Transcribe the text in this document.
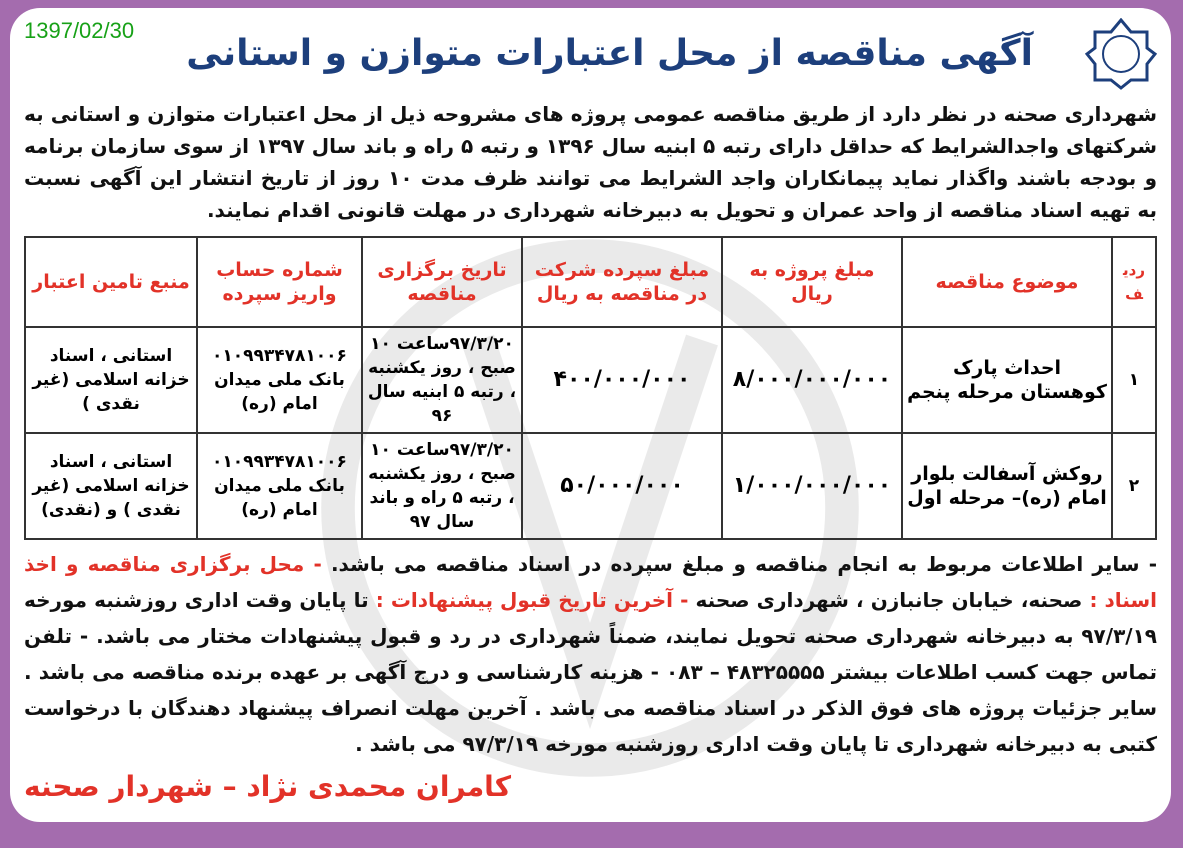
1397/02/30
آگهی مناقصه از محل اعتبارات متوازن و استانی
شهرداری صحنه در نظر دارد از طریق مناقصه عمومی پروژه های مشروحه ذیل از محل اعتبارات متوازن و استانی به شرکتهای واجدالشرایط که حداقل دارای رتبه ۵ ابنیه سال ۱۳۹۶ و رتبه ۵ راه و باند سال ۱۳۹۷ از سوی سازمان برنامه و بودجه باشند واگذار نماید پیمانکاران واجد الشرایط می توانند ظرف مدت ۱۰ روز از تاریخ انتشار این آگهی نسبت به تهیه اسناد مناقصه از واحد عمران و تحویل به دبیرخانه شهرداری در مهلت قانونی اقدام نمایند.
ردیف	موضوع مناقصه	مبلغ پروژه به ریال	مبلغ سپرده شرکت در مناقصه به ریال	تاریخ برگزاری مناقصه	شماره حساب واریز سپرده	منبع تامین اعتبار
۱	احداث پارک کوهستان مرحله پنجم	۸/۰۰۰/۰۰۰/۰۰۰	۴۰۰/۰۰۰/۰۰۰	۹۷/۳/۲۰ساعت ۱۰ صبح ، روز یکشنبه ، رتبه ۵ ابنیه سال ۹۶	۰۱۰۹۹۳۴۷۸۱۰۰۶ بانک ملی میدان امام (ره)	استانی ، اسناد خزانه اسلامی (غیر نقدی )
۲	روکش آسفالت بلوار امام (ره)– مرحله اول	۱/۰۰۰/۰۰۰/۰۰۰	۵۰/۰۰۰/۰۰۰	۹۷/۳/۲۰ساعت ۱۰ صبح ، روز یکشنبه ، رتبه ۵ راه و باند سال ۹۷	۰۱۰۹۹۳۴۷۸۱۰۰۶ بانک ملی میدان امام (ره)	استانی ، اسناد خزانه اسلامی (غیر نقدی ) و (نقدی)
- سایر اطلاعات مربوط به انجام مناقصه و مبلغ سپرده در اسناد مناقصه می باشد. - محل برگزاری مناقصه و اخذ اسناد : صحنه، خیابان جانبازن ، شهرداری صحنه - آخرین تاریخ قبول پیشنهادات : تا پایان وقت اداری روزشنبه مورخه ۹۷/۳/۱۹ به دبیرخانه شهرداری صحنه تحویل نمایند، ضمناً شهرداری در رد و قبول پیشنهادات مختار می باشد. - تلفن تماس جهت کسب اطلاعات بیشتر ۴۸۳۲۵۵۵۵ – ۰۸۳ - هزینه کارشناسی و درج آگهی بر عهده برنده مناقصه می باشد . سایر جزئیات پروژه های فوق الذکر در اسناد مناقصه می باشد . آخرین مهلت انصراف پیشنهاد دهندگان با درخواست کتبی به دبیرخانه شهرداری تا پایان وقت اداری روزشنبه مورخه ۹۷/۳/۱۹ می باشد .
کامران محمدی نژاد – شهردار صحنه
